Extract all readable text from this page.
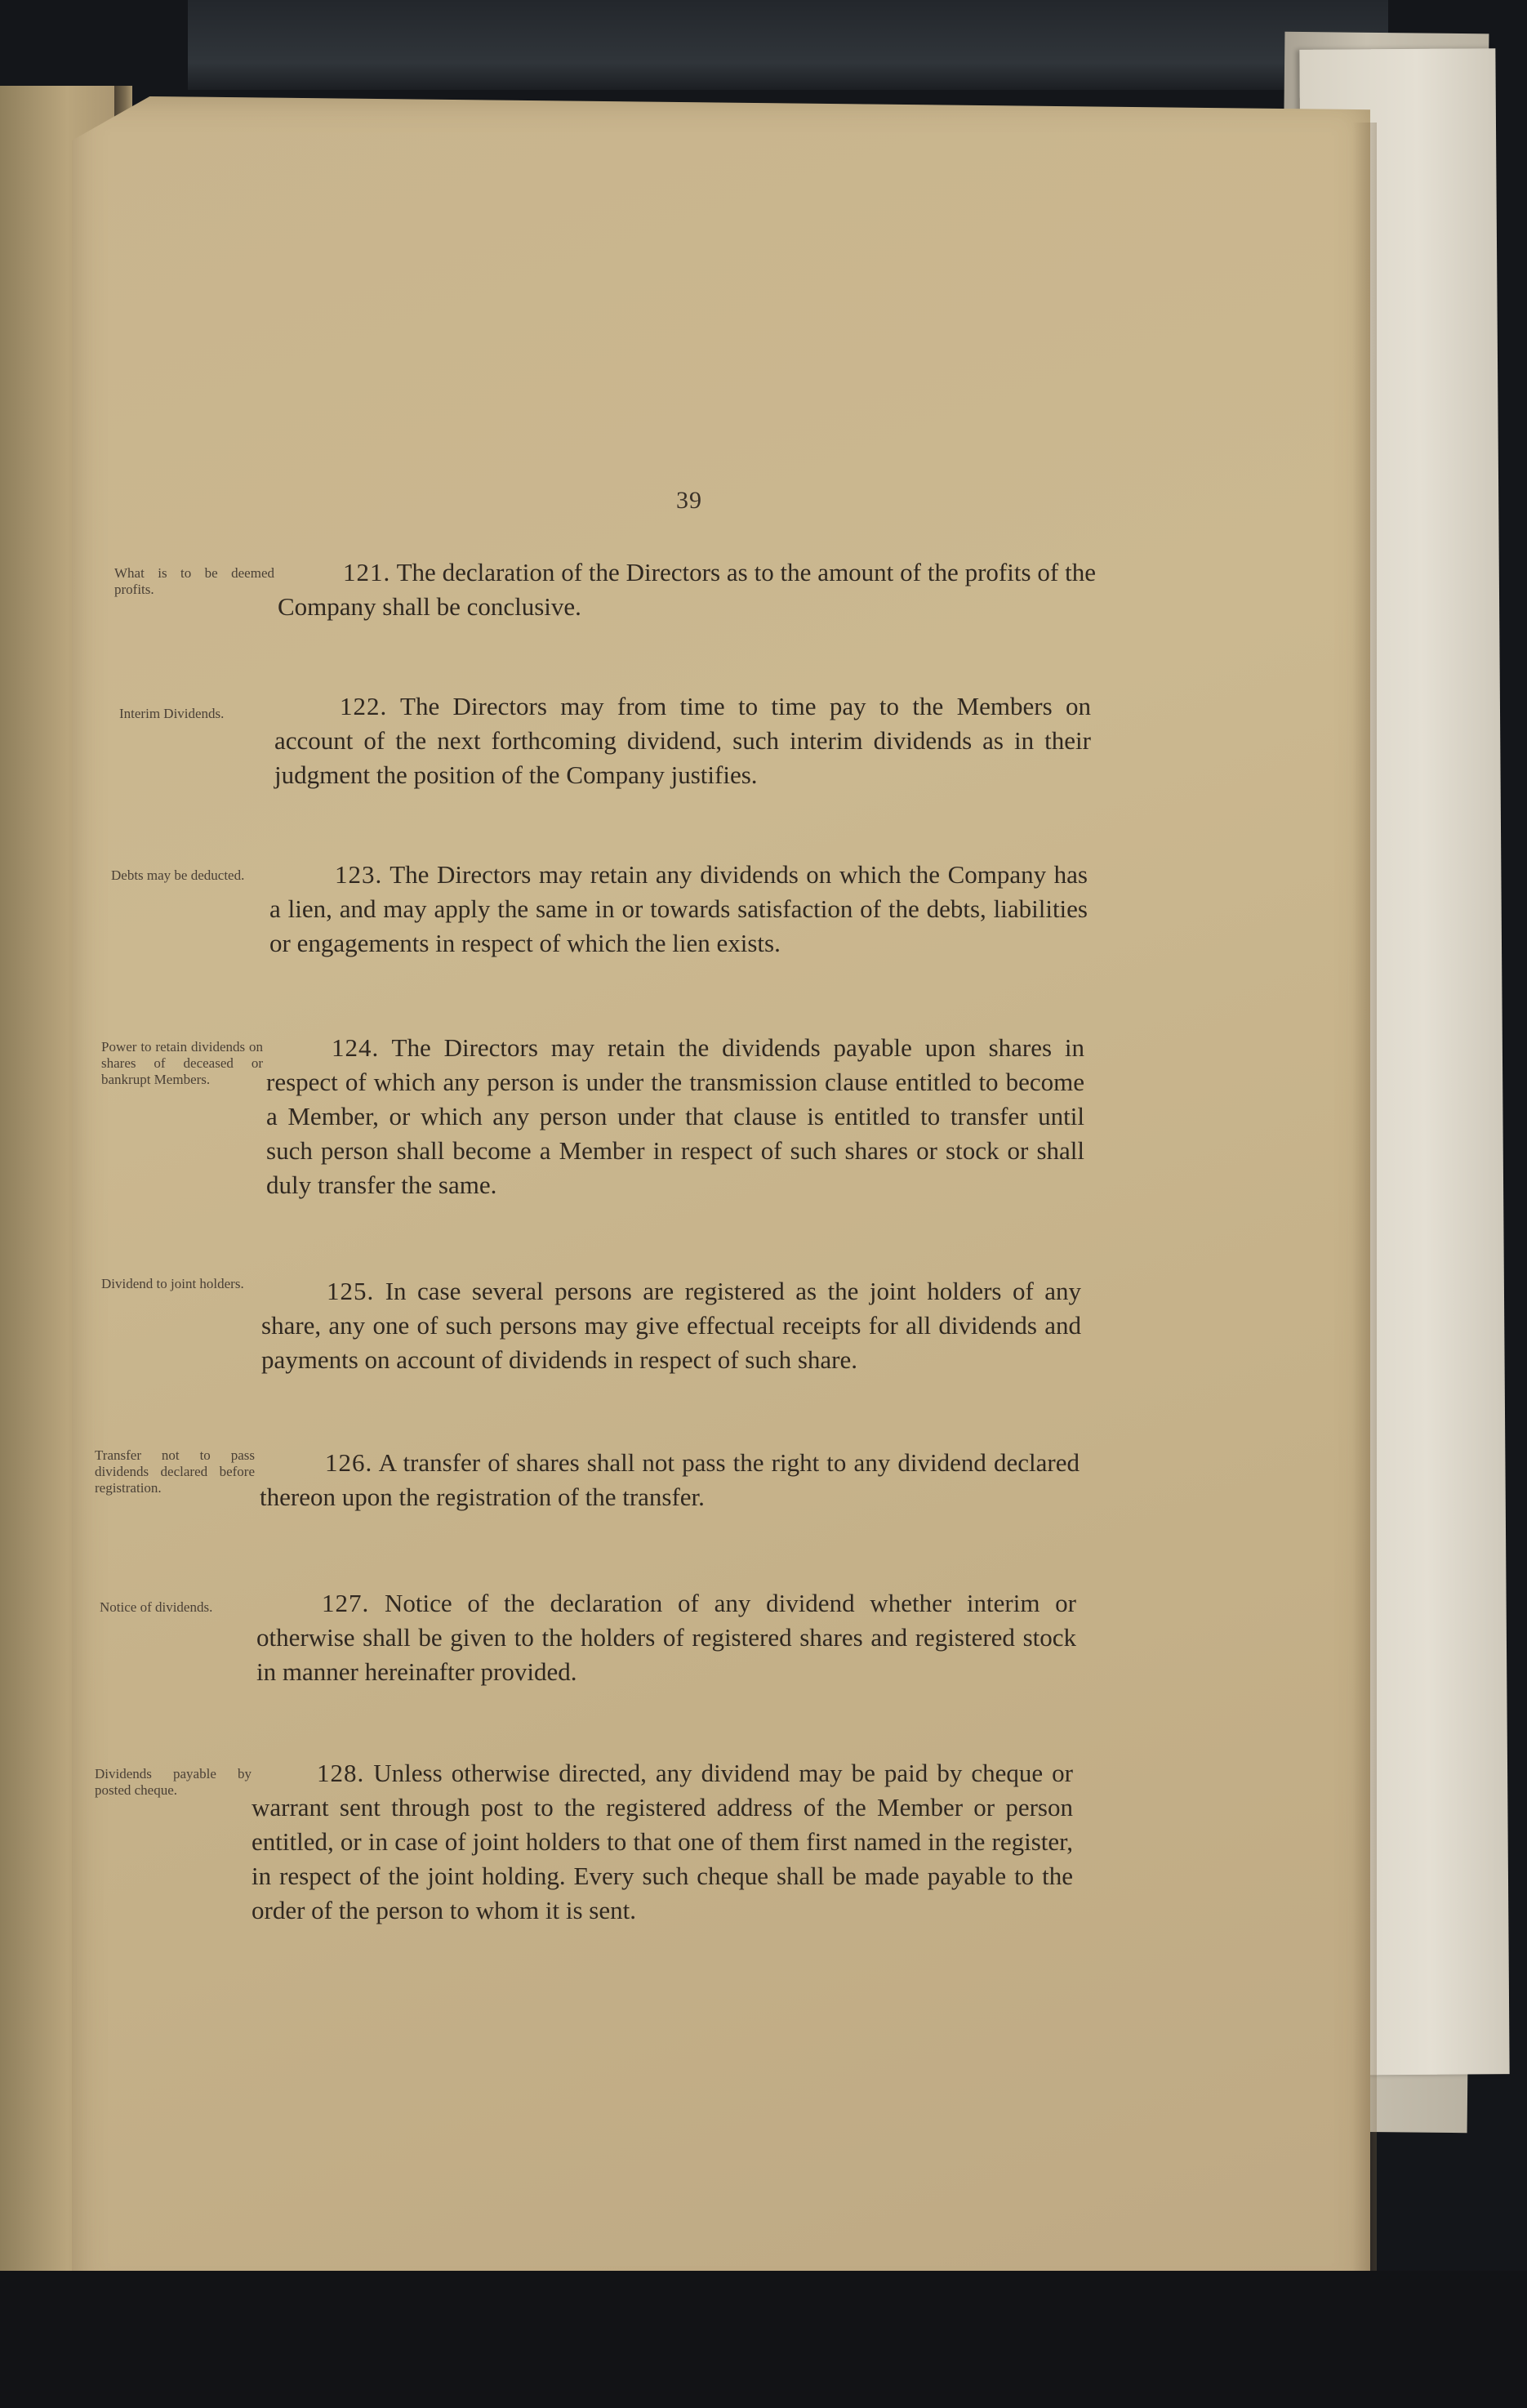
39
What is to be deemed profits.
121. The declaration of the Directors as to the amount of the profits of the Company shall be conclusive.
Interim Dividends.	122. The Directors may from time to time pay to the Members on account of the next forthcoming dividend, such interim dividends as in their judgment the position of the Company justifies.
Debts may be deducted.	123. The Directors may retain any dividends on which the Company has a lien, and may apply the same in or towards satisfaction of the debts, liabilities or engagements in respect of which the lien exists.
Power to retain dividends on shares of deceased or bankrupt Members.
124. The Directors may retain the dividends payable upon shares in respect of which any person is under the transmission clause entitled to become a Member, or which any person under that clause is entitled to transfer until such person shall become a Member in respect of such shares or stock or shall duly transfer the same.
Dividend to joint holders.	125. In case several persons are registered as the joint holders of any share, any one of such persons may give effectual receipts for all dividends and payments on account of dividends in respect of such share.
Transfer not to pass dividends declared before registration.
126. A transfer of shares shall not pass the right to any dividend declared thereon upon the registration of the transfer.
Notice of dividends.	127. Notice of the declaration of any dividend whether interim or otherwise shall be given to the holders of registered shares and registered stock in manner hereinafter provided.
Dividends payable by posted cheque.
128. Unless otherwise directed, any dividend may be paid by cheque or warrant sent through post to the registered address of the Member or person entitled, or in case of joint holders to that one of them first named in the register, in respect of the joint holding. Every such cheque shall be made payable to the order of the person to whom it is sent.
